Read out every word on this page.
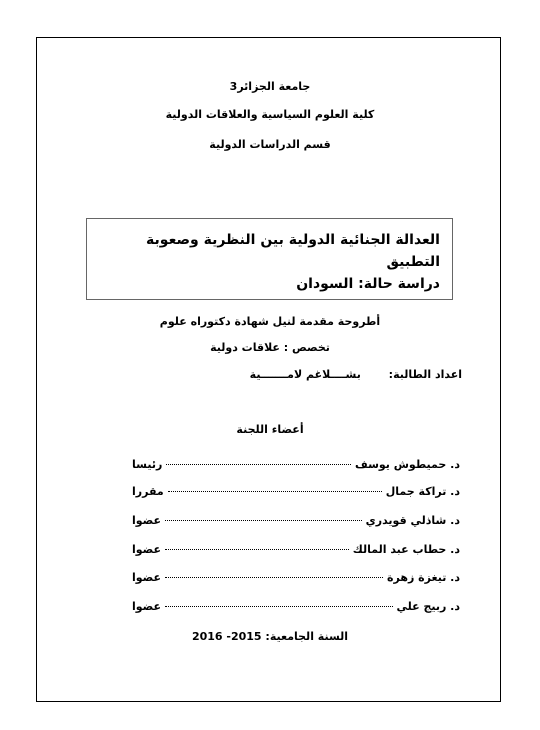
جامعة الجزائر3
كلية العلوم السياسية والعلاقات الدولية
قسم الدراسات الدولية
العدالة الجنائية الدولية بين النظرية وصعوبة التطبيق
دراسة حالة: السودان
أطروحة مقدمة لنيل شهادة دكتوراه علوم
تخصص : علاقات دولية
اعداد الطالبة: بشــــلاغم لامـــــــية
أعضاء اللجنة
د. حميطوش يوسف
رئيسا
د. تراكة جمال
مقررا
د. شاذلي قويدري
عضوا
د. حطاب عبد المالك
عضوا
د. تيغزة زهرة
عضوا
د. ربيج علي
عضوا
السنة الجامعية: 2015- 2016
